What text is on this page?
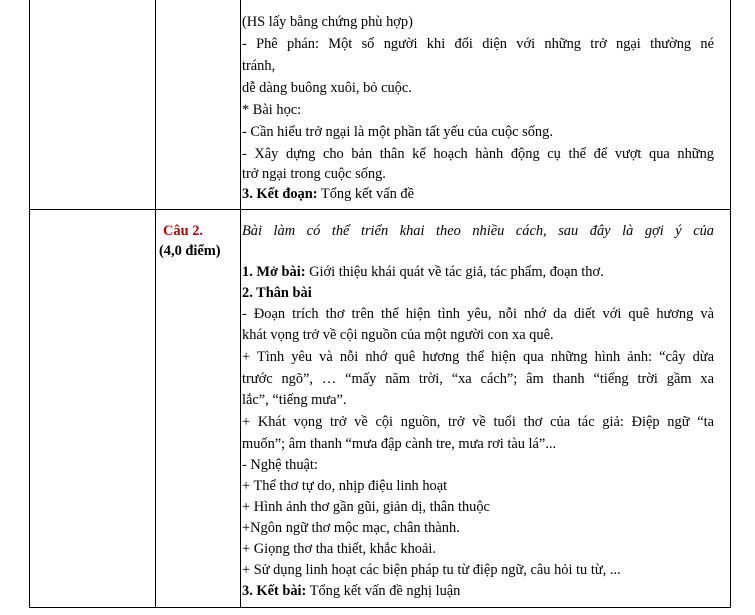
(HS lấy bằng chứng phù hợp)
- Phê phán: Một số người khi đối diện với những trở ngại thường né
tránh,
dễ dàng buông xuôi, bỏ cuộc.
* Bài học:
- Cần hiểu trở ngại là một phần tất yếu của cuộc sống.
- Xây dựng cho bản thân kế hoạch hành động cụ thể để vượt qua những
trở ngại trong cuộc sống.
3. Kết đoạn: Tổng kết vấn đề
Câu 2.
(4,0 điểm)
Bài làm có thể triển khai theo nhiều cách, sau đây là gợi ý của
1. Mở bài: Giới thiệu khái quát về tác giả, tác phẩm, đoạn thơ.
2. Thân bài
- Đoạn trích thơ trên thể hiện tình yêu, nỗi nhớ da diết với quê hương và
khát vọng trở về cội nguồn của một người con xa quê.
+ Tình yêu và nỗi nhớ quê hương thể hiện qua những hình ảnh: “cây dừa
trước ngõ”, … “mấy năm trời, “xa cách”; âm thanh “tiếng trời gầm xa
lắc”, “tiếng mưa”.
+ Khát vọng trở về cội nguồn, trở về tuổi thơ của tác giả: Điệp ngữ “ta
muốn”; âm thanh “mưa đập cành tre, mưa rơi tàu lá”...
- Nghệ thuật:
+ Thể thơ tự do, nhịp điệu linh hoạt
+ Hình ảnh thơ gần gũi, giản dị, thân thuộc
+Ngôn ngữ thơ mộc mạc, chân thành.
+ Giọng thơ tha thiết, khắc khoải.
+ Sử dụng linh hoạt các biện pháp tu từ điệp ngữ, câu hỏi tu từ, ...
3. Kết bài: Tổng kết vấn đề nghị luận
